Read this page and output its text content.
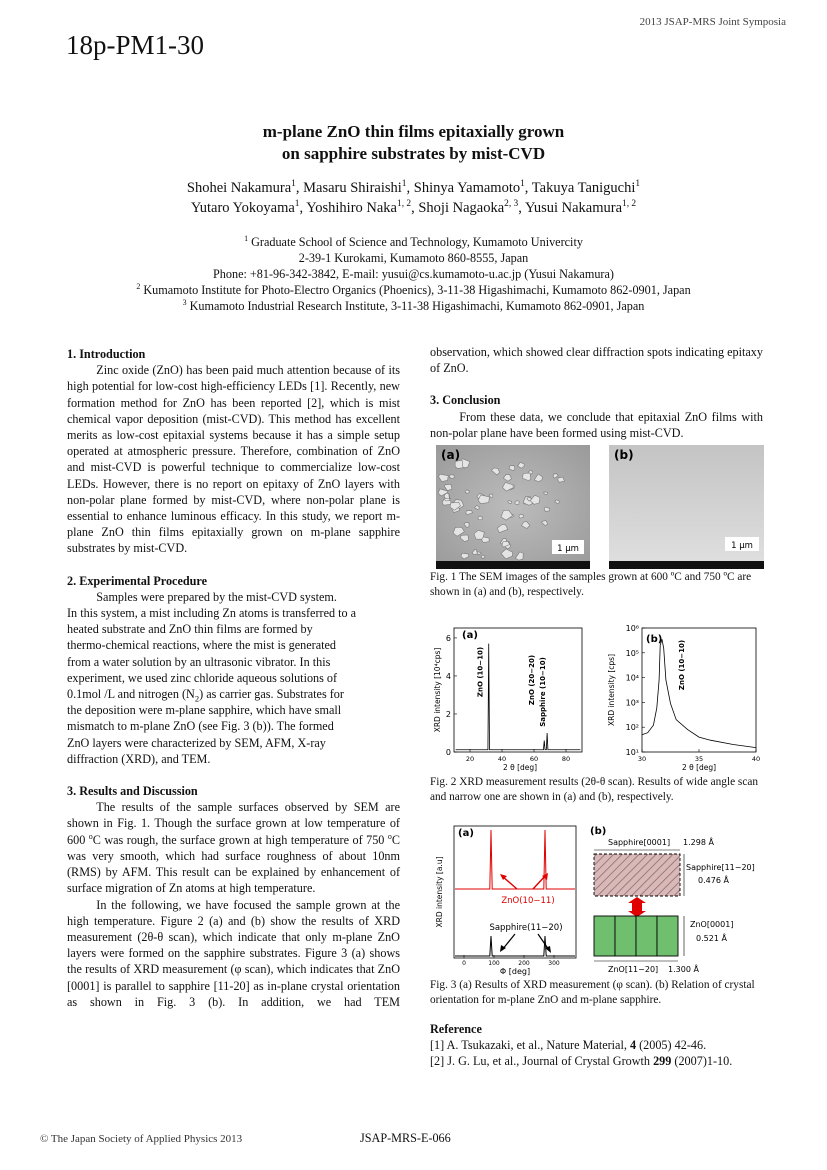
2013 JSAP-MRS Joint Symposia
18p-PM1-30
m-plane ZnO thin films epitaxially grown
on sapphire substrates by mist-CVD
Shohei Nakamura$^1$, Masaru Shiraishi$^1$, Shinya Yamamoto$^1$, Takuya Taniguchi$^1$
Yutaro Yokoyama$^1$, Yoshihiro Naka$^{1, 2}$, Shoji Nagaoka$^{2, 3}$, Yusui Nakamura$^{1, 2}$
$^1$ Graduate School of Science and Technology, Kumamoto Univercity
2-39-1 Kurokami, Kumamoto 860-8555, Japan
Phone: +81-96-342-3842, E-mail: yusui@cs.kumamoto-u.ac.jp (Yusui Nakamura)
$^2$ Kumamoto Institute for Photo-Electro Organics (Phoenics), 3-11-38 Higashimachi, Kumamoto 862-0901, Japan
$^3$ Kumamoto Industrial Research Institute, 3-11-38 Higashimachi, Kumamoto 862-0901, Japan
1. Introduction

Zinc oxide (ZnO) has been paid much attention because of its high potential for low-cost high-efficiency LEDs [1]. Recently, new formation method for ZnO has been reported [2], which is mist chemical vapor deposition (mist-CVD). This method has excellent merits as low-cost epitaxial systems because it has a simple setup operated at atmospheric pressure. Therefore, combination of ZnO and mist-CVD is powerful technique to commercialize low-cost LEDs. However, there is no report on epitaxy of ZnO layers with non-polar plane formed by mist-CVD, where non-polar plane is essential to enhance luminous efficacy. In this study, we report m-plane ZnO thin films epitaxially grown on m-plane sapphire substrates by mist-CVD.

2. Experimental Procedure
Samples were prepared by the mist-CVD system.
In this system, a mist including Zn atoms is transferred to a
heated substrate and ZnO thin films are formed by
thermo-chemical reactions, where the mist is generated
from a water solution by an ultrasonic vibrator. In this
experiment, we used zinc chloride aqueous solutions of
0.1mol /L and nitrogen $(N_2)$ as carrier gas. Substrates for
the deposition were m-plane sapphire, which have small
mismatch to m-plane ZnO (see Fig. 3 (b)). The formed
ZnO layers were characterized by SEM, AFM, X-ray
diffraction (XRD), and TEM.
3. Results and Discussion

The results of the sample surfaces observed by SEM are shown in Fig. 1. Though the surface grown at low temperature of 600 $^o$C was rough, the surface grown at high temperature of 750 $^o$C was very smooth, which had surface roughness of about 10nm (RMS) by AFM. This result can be explained by enhancement of surface migration of Zn atoms at high temperature.

In the following, we have focused the sample grown at the high temperature. Figure 2 (a) and (b) show the results of XRD measurement (2θ-θ scan), which indicate that only m-plane ZnO layers were formed on the sapphire substrates. Figure 3 (a) shows the results of XRD measurement (φ scan), which indicates that ZnO [0001] is parallel to sapphire [11-20] as in-plane crystal orientation as shown in Fig. 3 (b). In addition, we had TEM

observation, which showed clear diffraction spots indicating epitaxy of ZnO.

3. Conclusion

From these data, we conclude that epitaxial ZnO films with non-polar plane have been formed using mist-CVD.

1 μm
(a)
1 μm
(b)
Fig. 1 The SEM images of the samples grown at 600 ºC and 750 ºC are shown in (a) and (b), respectively.
0
2
4
6
20	40	60	80
ZnO (10−10)	ZnO (20−20) Sapphire (10−10)
(a)
2 θ [deg]
XRD intensity [10⁴cps]
10¹
10²
10³
10⁴
10⁵
10⁶
30	35	40
(b)
ZnO (10−10)
2 θ [deg]
XRD intensity [cps]
Fig. 2 XRD measurement results (2θ-θ scan). Results of wide angle scan and narrow one are shown in (a) and (b), respectively.
0	100	200	300
(a)
ZnO(10−11)
Sapphire(11−20)
Φ [deg]
XRD intensity [a.u]
(b)
Sapphire[0001] 1.298 Å
Sapphire[11−20]
0.476 Å
ZnO[0001]
0.521 Å
ZnO[11−20] 1.300 Å
Fig. 3 (a) Results of XRD measurement (φ scan). (b) Relation of crystal orientation for m-plane ZnO and m-plane sapphire.
Reference

[1] A. Tsukazaki, et al., Nature Material, 4 (2005) 42-46.

[2] J. G. Lu, et al., Journal of Crystal Growth 299 (2007)1-10.

© The Japan Society of Applied Physics 2013	JSAP-MRS-E-066
